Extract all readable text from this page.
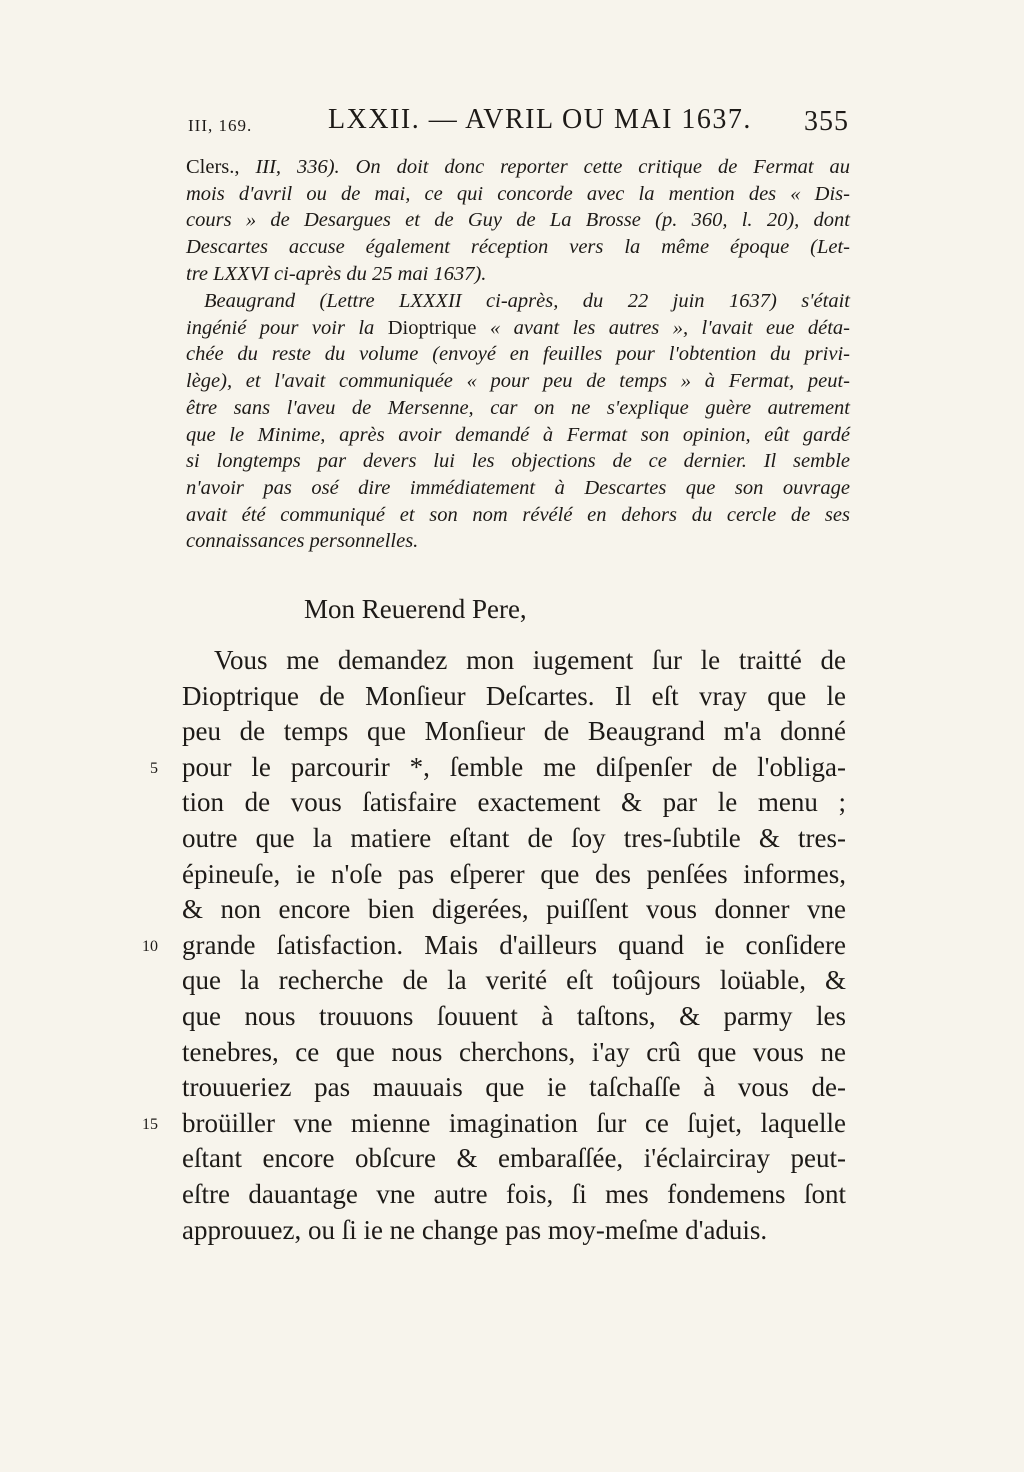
III, 169.	LXXII. — AVRIL OU MAI 1637. 355
Clers., III, 336). On doit donc reporter cette critique de Fermat au
mois d'avril ou de mai, ce qui concorde avec la mention des « Dis-
cours » de Desargues et de Guy de La Brosse (p. 360, l. 20), dont
Descartes accuse également réception vers la même époque (Let-
tre LXXVI ci-après du 25 mai 1637).
Beaugrand (Lettre LXXXII ci-après, du 22 juin 1637) s'était
ingénié pour voir la Dioptrique « avant les autres », l'avait eue déta-
chée du reste du volume (envoyé en feuilles pour l'obtention du privi-
lège), et l'avait communiquée « pour peu de temps » à Fermat, peut-
être sans l'aveu de Mersenne, car on ne s'explique guère autrement
que le Minime, après avoir demandé à Fermat son opinion, eût gardé
si longtemps par devers lui les objections de ce dernier. Il semble
n'avoir pas osé dire immédiatement à Descartes que son ouvrage
avait été communiqué et son nom révélé en dehors du cercle de ses
connaissances personnelles.
Mon Reuerend Pere,
Vous me demandez mon iugement ſur le traitté de
Dioptrique de Monſieur Deſcartes. Il eſt vray que le
peu de temps que Monſieur de Beaugrand m'a donné
pour le parcourir *, ſemble me diſpenſer de l'obliga-
tion de vous ſatisfaire exactement & par le menu ;
outre que la matiere eſtant de ſoy tres-ſubtile & tres-
épineuſe, ie n'oſe pas eſperer que des penſées informes,
& non encore bien digerées, puiſſent vous donner vne
grande ſatisfaction. Mais d'ailleurs quand ie conſidere
que la recherche de la verité eſt toûjours loüable, &
que nous trouuons ſouuent à taſtons, & parmy les
tenebres, ce que nous cherchons, i'ay crû que vous ne
trouueriez pas mauuais que ie taſchaſſe à vous de-
broüiller vne mienne imagination ſur ce ſujet, laquelle
eſtant encore obſcure & embaraſſée, i'éclairciray peut-
eſtre dauantage vne autre fois, ſi mes fondemens ſont
approuuez, ou ſi ie ne change pas moy-meſme d'aduis.
5
10
15
